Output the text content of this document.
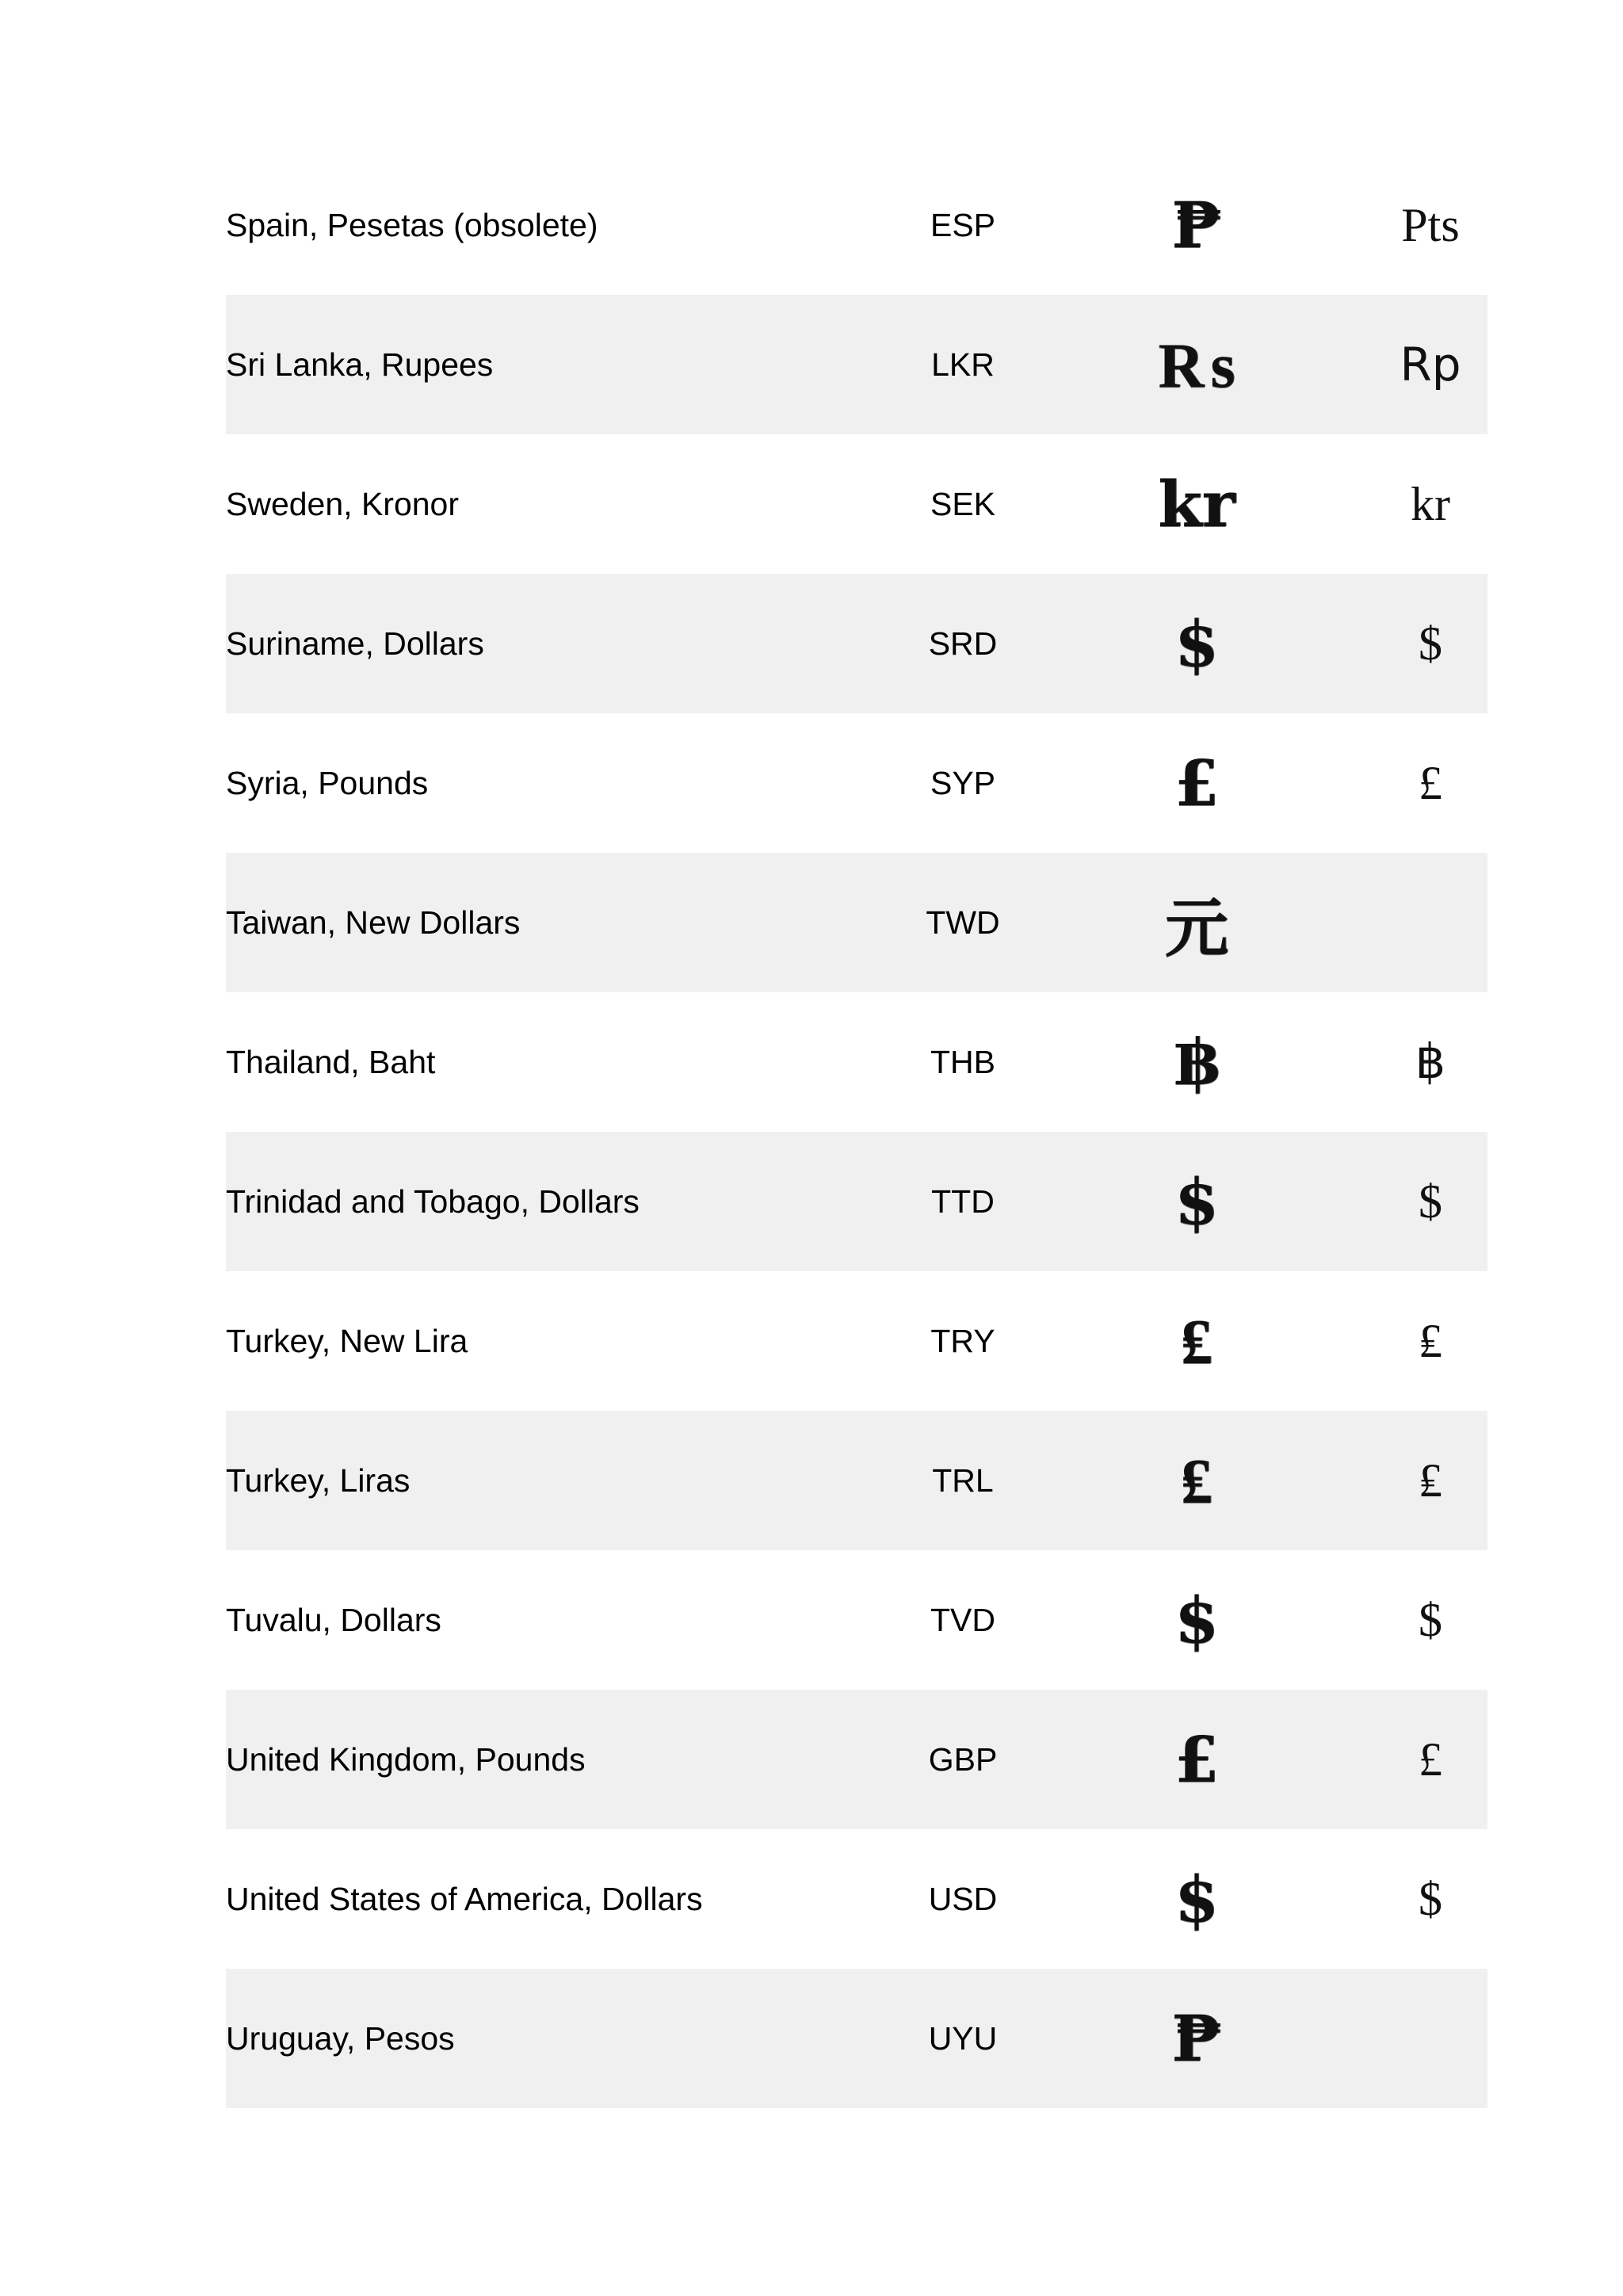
Spain, Pesetas (obsolete)	ESP	₱	Pts
Sri Lanka, Rupees	LKR	₨	Rp
Sweden, Kronor	SEK	kr	kr
Suriname, Dollars	SRD	$	$
Syria, Pounds	SYP	£	£
Taiwan, New Dollars	TWD	元
Thailand, Baht	THB	฿	฿
Trinidad and Tobago, Dollars	TTD	$	$
Turkey, New Lira	TRY	₤	₤
Turkey, Liras	TRL	₤	₤
Tuvalu, Dollars	TVD	$	$
United Kingdom, Pounds	GBP	£	£
United States of America, Dollars	USD	$	$
Uruguay, Pesos	UYU	₱
